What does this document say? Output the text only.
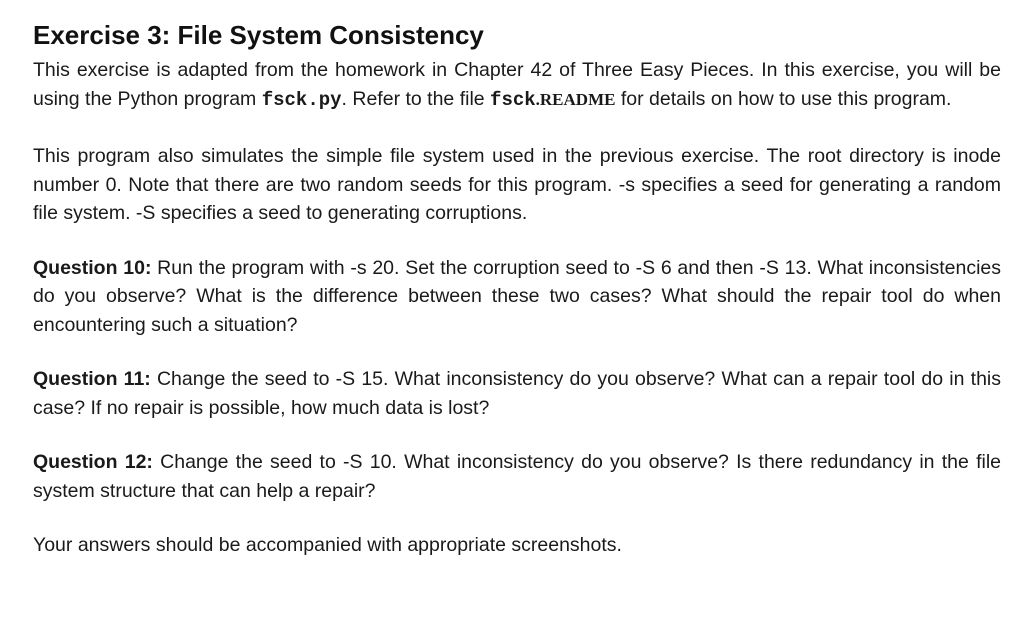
Exercise 3: File System Consistency

This exercise is adapted from the homework in Chapter 42 of Three Easy Pieces. In this exercise, you will be using the Python program fsck.py. Refer to the file fsck.README for details on how to use this program.

This program also simulates the simple file system used in the previous exercise. The root directory is inode number 0. Note that there are two random seeds for this program. -s specifies a seed for generating a random file system. -S specifies a seed to generating corruptions.

Question 10: Run the program with -s 20. Set the corruption seed to -S 6 and then -S 13. What inconsistencies do you observe? What is the difference between these two cases? What should the repair tool do when encountering such a situation?

Question 11: Change the seed to -S 15. What inconsistency do you observe? What can a repair tool do in this case? If no repair is possible, how much data is lost?

Question 12: Change the seed to -S 10. What inconsistency do you observe? Is there redundancy in the file system structure that can help a repair?

Your answers should be accompanied with appropriate screenshots.
